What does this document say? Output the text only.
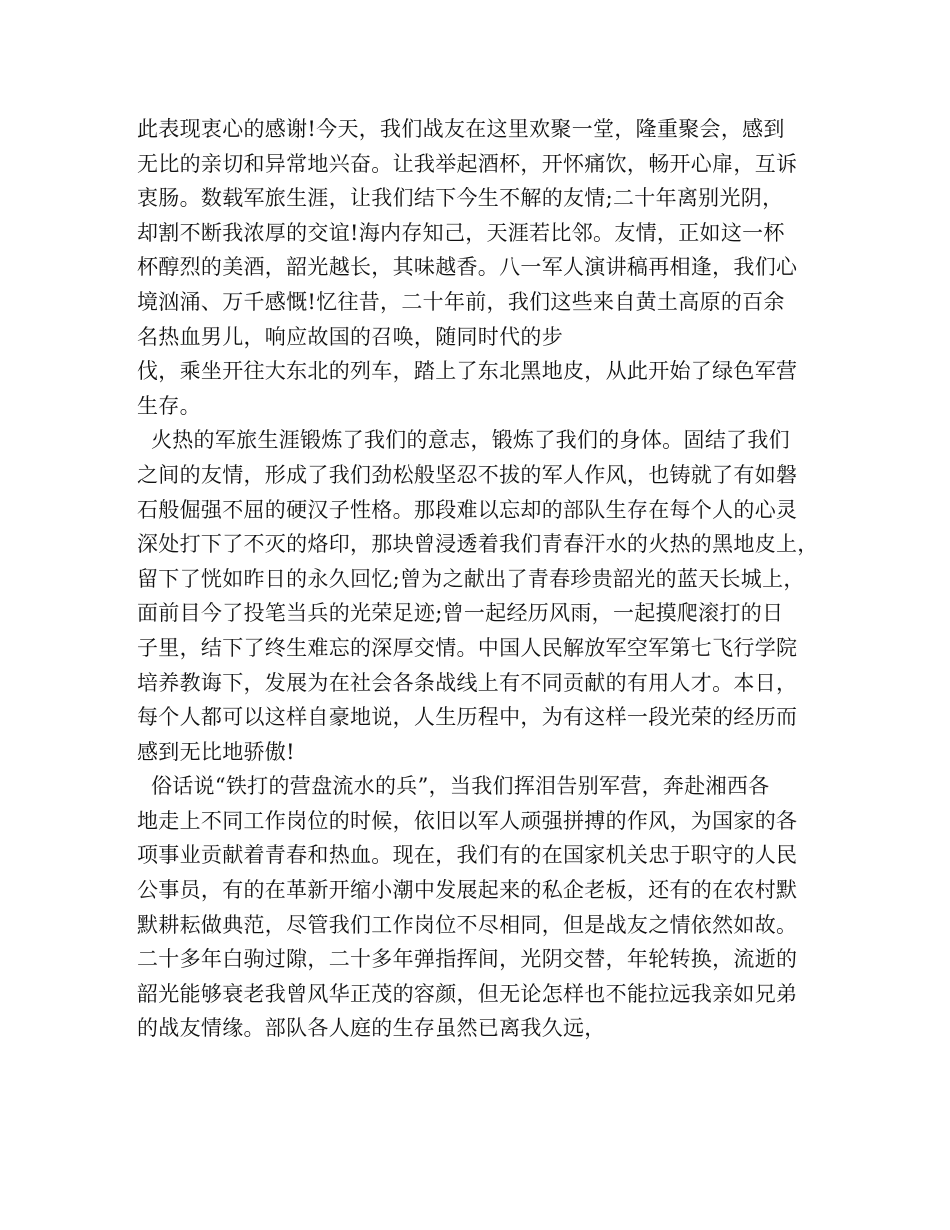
此表现衷心的感谢!今天，我们战友在这里欢聚一堂，隆重聚会，感到
无比的亲切和异常地兴奋。让我举起酒杯，开怀痛饮，畅开心扉，互诉
衷肠。数载军旅生涯，让我们结下今生不解的友情;二十年离别光阴，
却割不断我浓厚的交谊!海内存知己，天涯若比邻。友情，正如这一杯
杯醇烈的美酒，韶光越长，其味越香。八一军人演讲稿再相逢，我们心
境汹涌、万千感慨!忆往昔，二十年前，我们这些来自黄土高原的百余
名热血男儿，响应故国的召唤，随同时代的步
伐，乘坐开往大东北的列车，踏上了东北黑地皮，从此开始了绿色军营
生存。
火热的军旅生涯锻炼了我们的意志，锻炼了我们的身体。固结了我们
之间的友情，形成了我们劲松般坚忍不拔的军人作风，也铸就了有如磐
石般倔强不屈的硬汉子性格。那段难以忘却的部队生存在每个人的心灵
深处打下了不灭的烙印，那块曾浸透着我们青春汗水的火热的黑地皮上，
留下了恍如昨日的永久回忆;曾为之献出了青春珍贵韶光的蓝天长城上，
面前目今了投笔当兵的光荣足迹;曾一起经历风雨，一起摸爬滚打的日
子里，结下了终生难忘的深厚交情。中国人民解放军空军第七飞行学院
培养教诲下，发展为在社会各条战线上有不同贡献的有用人才。本日，
每个人都可以这样自豪地说，人生历程中，为有这样一段光荣的经历而
感到无比地骄傲!
俗话说“铁打的营盘流水的兵”，当我们挥泪告别军营，奔赴湘西各
地走上不同工作岗位的时候，依旧以军人顽强拼搏的作风，为国家的各
项事业贡献着青春和热血。现在，我们有的在国家机关忠于职守的人民
公事员，有的在革新开缩小潮中发展起来的私企老板，还有的在农村默
默耕耘做典范，尽管我们工作岗位不尽相同，但是战友之情依然如故。
二十多年白驹过隙，二十多年弹指挥间，光阴交替，年轮转换，流逝的
韶光能够衰老我曾风华正茂的容颜，但无论怎样也不能拉远我亲如兄弟
的战友情缘。部队各人庭的生存虽然已离我久远，
